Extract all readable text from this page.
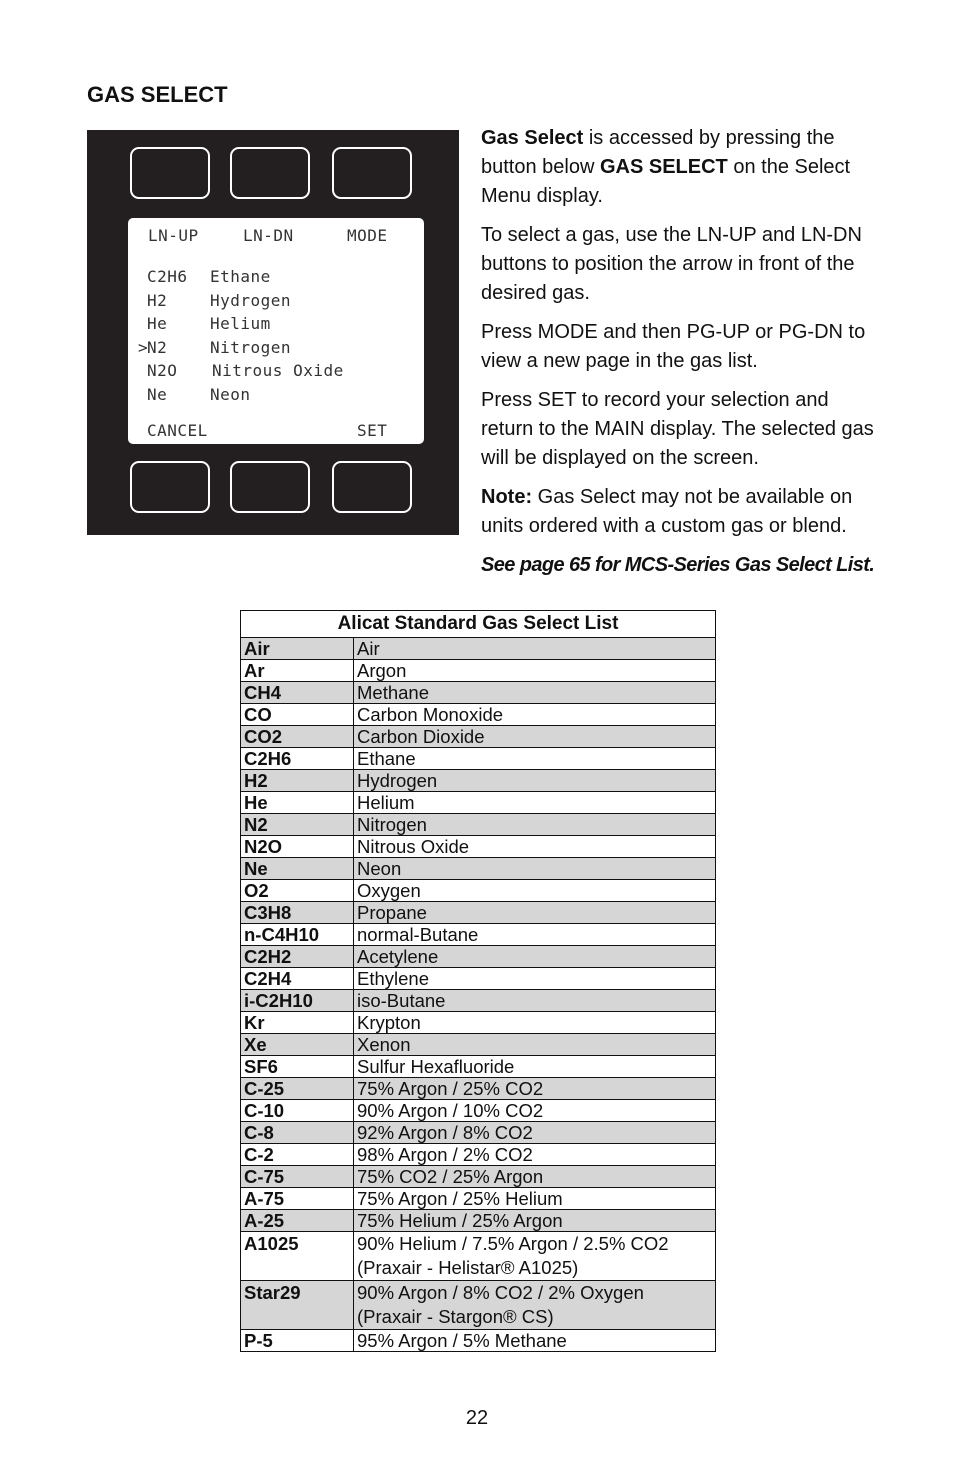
GAS SELECT
LN-UP	LN-DN	MODE

C2H6 Ethane

H2	Hydrogen

He	Helium
>
N2	Nitrogen

N2O Nitrous Oxide

Ne	Neon
CANCEL	SET

Gas Select is accessed by pressing the button below GAS SELECT on the Select Menu display.

To select a gas, use the LN-UP and LN-DN buttons to position the arrow in front of the desired gas.

Press MODE and then PG-UP or PG-DN to view a new page in the gas list.

Press SET to record your selection and return to the MAIN display. The selected gas will be displayed on the screen.

Note: Gas Select may not be available on units ordered with a custom gas or blend.

See page 65 for MCS-Series Gas Select List.

Alicat Standard Gas Select List	
Air	Air
Ar	Argon
CH4	Methane
CO	Carbon Monoxide
CO2	Carbon Dioxide
C2H6	Ethane
H2	Hydrogen
He	Helium
N2	Nitrogen
N2O	Nitrous Oxide
Ne	Neon
O2	Oxygen
C3H8	Propane
n-C4H10	normal-Butane
C2H2	Acetylene
C2H4	Ethylene
i-C2H10	iso-Butane
Kr	Krypton
Xe	Xenon
SF6	Sulfur Hexafluoride
C-25	75% Argon / 25% CO2
C-10	90% Argon / 10% CO2
C-8	92% Argon / 8% CO2
C-2	98% Argon / 2% CO2
C-75	75% CO2 / 25% Argon
A-75	75% Argon / 25% Helium
A-25	75% Helium / 25% Argon
A1025	90% Helium / 7.5% Argon / 2.5% CO2
(Praxair - Helistar® A1025)
Star29	90% Argon / 8% CO2 / 2% Oxygen
(Praxair - Stargon® CS)
P-5	95% Argon / 5% Methane
22
